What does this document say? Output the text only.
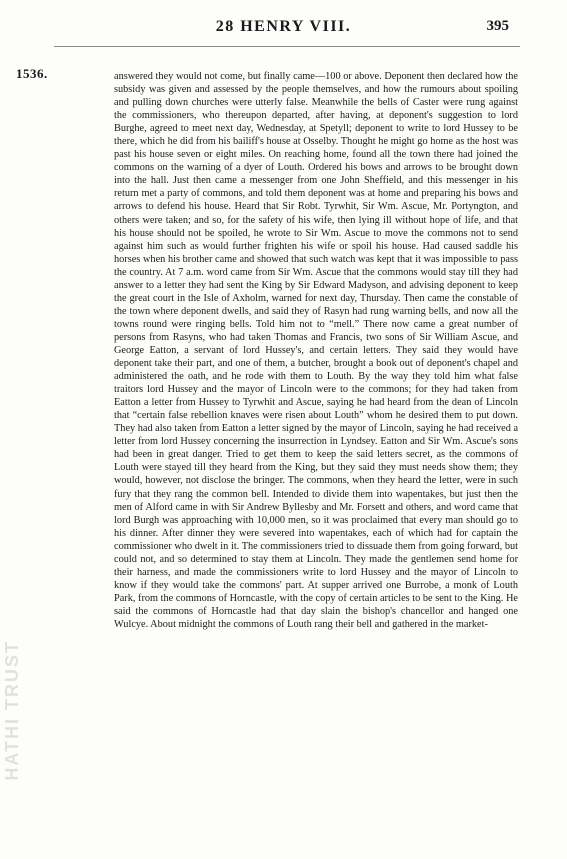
28 HENRY VIII.	395
1536.	answered they would not come, but finally came—100 or above. Deponent then declared how the subsidy was given and assessed by the people themselves, and how the rumours about spoiling and pulling down churches were utterly false. Meanwhile the bells of Caster were rung against the commissioners, who thereupon departed, after having, at deponent's suggestion to lord Burghe, agreed to meet next day, Wednesday, at Spetyll; deponent to write to lord Hussey to be there, which he did from his bailiff's house at Osselby. Thought he might go home as the host was past his house seven or eight miles. On reaching home, found all the town there had joined the commons on the warning of a dyer of Louth. Ordered his bows and arrows to be brought down into the hall. Just then came a messenger from one John Sheffield, and this messenger in his return met a party of commons, and told them deponent was at home and preparing his bows and arrows to defend his house. Heard that Sir Robt. Tyrwhit, Sir Wm. Ascue, Mr. Portyngton, and others were taken; and so, for the safety of his wife, then lying ill without hope of life, and that his house should not be spoiled, he wrote to Sir Wm. Ascue to move the commons not to send against him such as would further frighten his wife or spoil his house. Had caused saddle his horses when his brother came and showed that such watch was kept that it was impossible to pass the country. At 7 a.m. word came from Sir Wm. Ascue that the commons would stay till they had answer to a letter they had sent the King by Sir Edward Madyson, and advising deponent to keep the great court in the Isle of Axholm, warned for next day, Thursday. Then came the constable of the town where deponent dwells, and said they of Rasyn had rung warning bells, and now all the towns round were ringing bells. Told him not to “mell.” There now came a great number of persons from Rasyns, who had taken Thomas and Francis, two sons of Sir William Ascue, and George Eatton, a servant of lord Hussey's, and certain letters. They said they would have deponent take their part, and one of them, a butcher, brought a book out of deponent's chapel and administered the oath, and he rode with them to Louth. By the way they told him what false traitors lord Hussey and the mayor of Lincoln were to the commons; for they had taken from Eatton a letter from Hussey to Tyrwhit and Ascue, saying he had heard from the dean of Lincoln that “certain false rebellion knaves were risen about Louth” whom he desired them to put down. They had also taken from Eatton a letter signed by the mayor of Lincoln, saying he had received a letter from lord Hussey concerning the insurrection in Lyndsey. Eatton and Sir Wm. Ascue's sons had been in great danger. Tried to get them to keep the said letters secret, as the commons of Louth were stayed till they heard from the King, but they said they must needs show them; they would, however, not disclose the bringer. The commons, when they heard the letter, were in such fury that they rang the common bell. Intended to divide them into wapentakes, but just then the men of Alford came in with Sir Andrew Byllesby and Mr. Forsett and others, and word came that lord Burgh was approaching with 10,000 men, so it was proclaimed that every man should go to his dinner. After dinner they were severed into wapentakes, each of which had for captain the commissioner who dwelt in it. The commissioners tried to dissuade them from going forward, but could not, and so determined to stay them at Lincoln. They made the gentlemen send home for their harness, and made the commissioners write to lord Hussey and the mayor of Lincoln to know if they would take the commons' part. At supper arrived one Burrobe, a monk of Louth Park, from the commons of Horncastle, with the copy of certain articles to be sent to the King. He said the commons of Horncastle had that day slain the bishop's chancellor and hanged one Wulcye. About midnight the commons of Louth rang their bell and gathered in the market-

HATHI TRUST
